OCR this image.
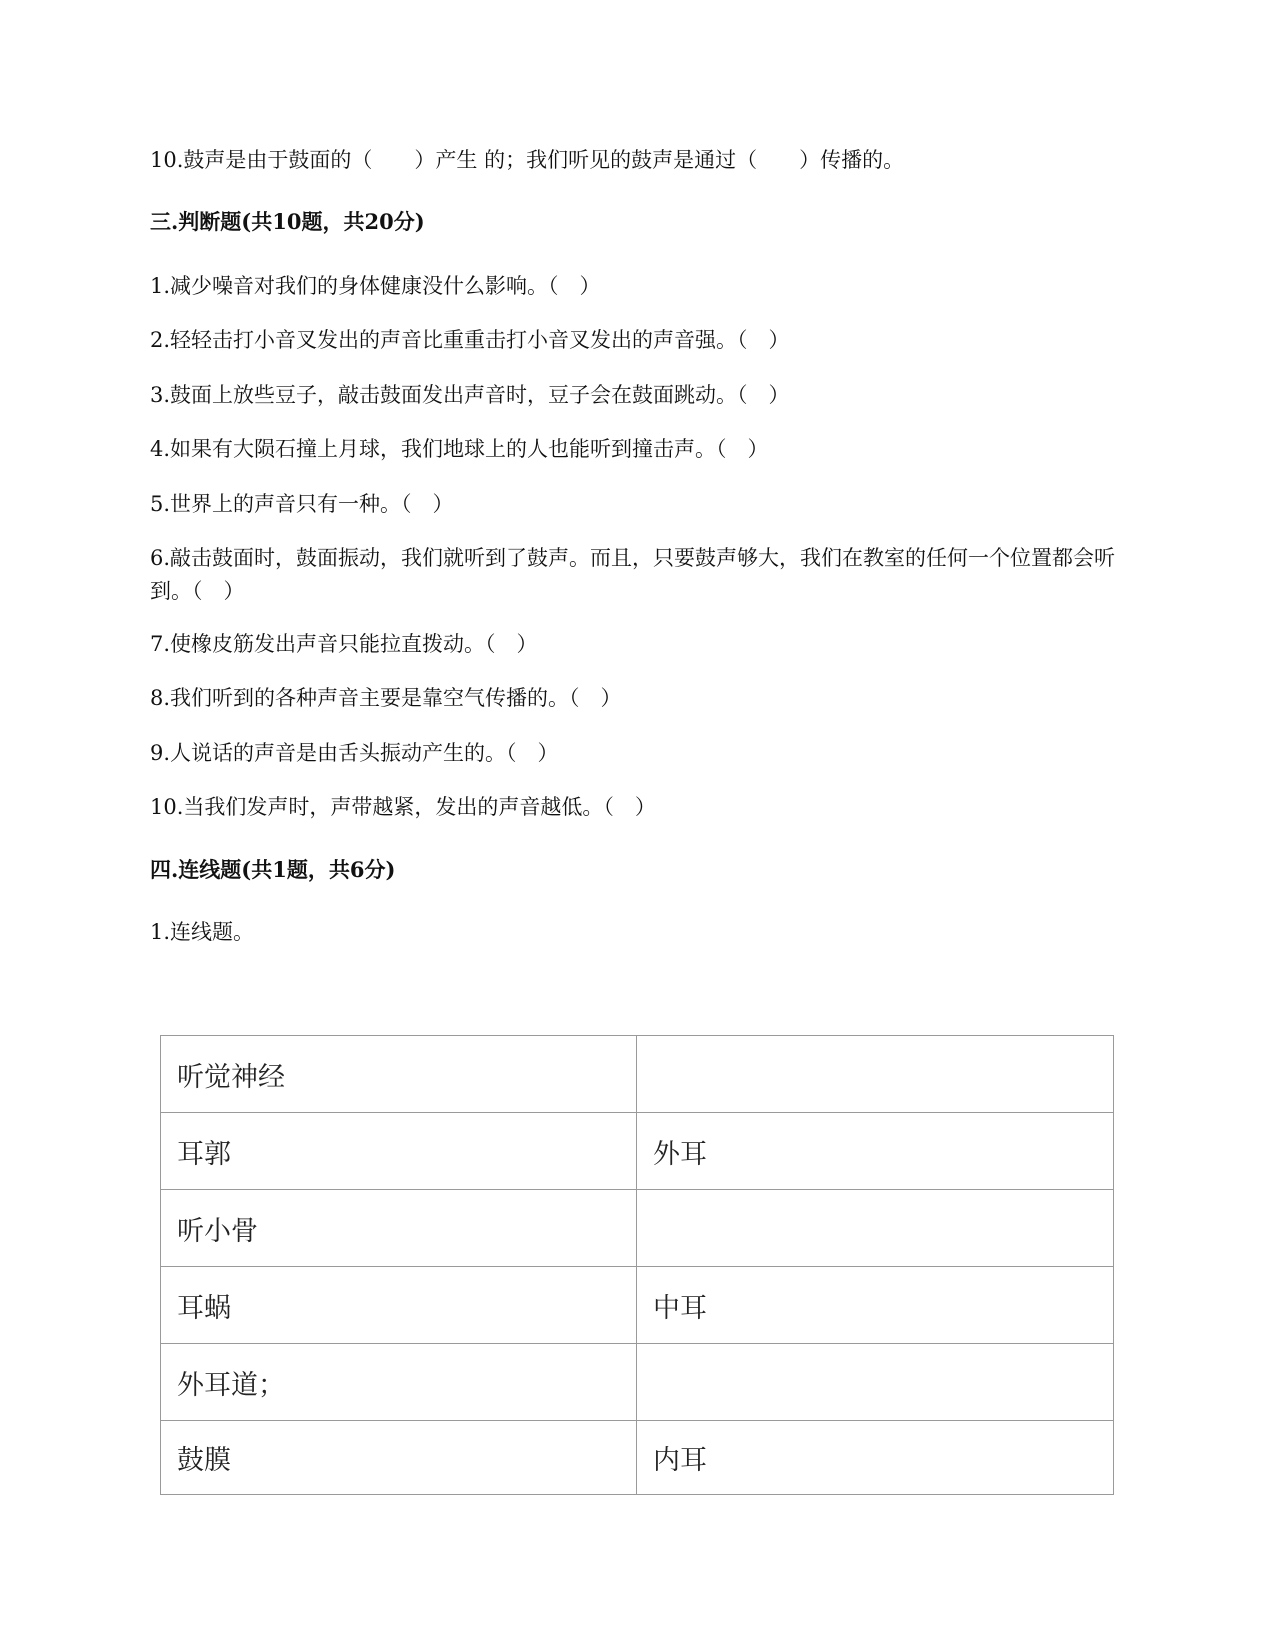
10.鼓声是由于鼓面的（　　）产生 的；我们听见的鼓声是通过（　　）传播的。
三.判断题(共10题，共20分)
1.减少噪音对我们的身体健康没什么影响。（　）
2.轻轻击打小音叉发出的声音比重重击打小音叉发出的声音强。（　）
3.鼓面上放些豆子，敲击鼓面发出声音时，豆子会在鼓面跳动。（　）
4.如果有大陨石撞上月球，我们地球上的人也能听到撞击声。（　）
5.世界上的声音只有一种。（　）
6.敲击鼓面时，鼓面振动，我们就听到了鼓声。而且，只要鼓声够大，我们在教室的任何一个位置都会听到。（　）
7.使橡皮筋发出声音只能拉直拨动。（　）
8.我们听到的各种声音主要是靠空气传播的。（　）
9.人说话的声音是由舌头振动产生的。（　）
10.当我们发声时，声带越紧，发出的声音越低。（　）
四.连线题(共1题，共6分)
1.连线题。
听觉神经	
耳郭	外耳
听小骨	
耳蜗	中耳
外耳道；	
鼓膜	内耳
